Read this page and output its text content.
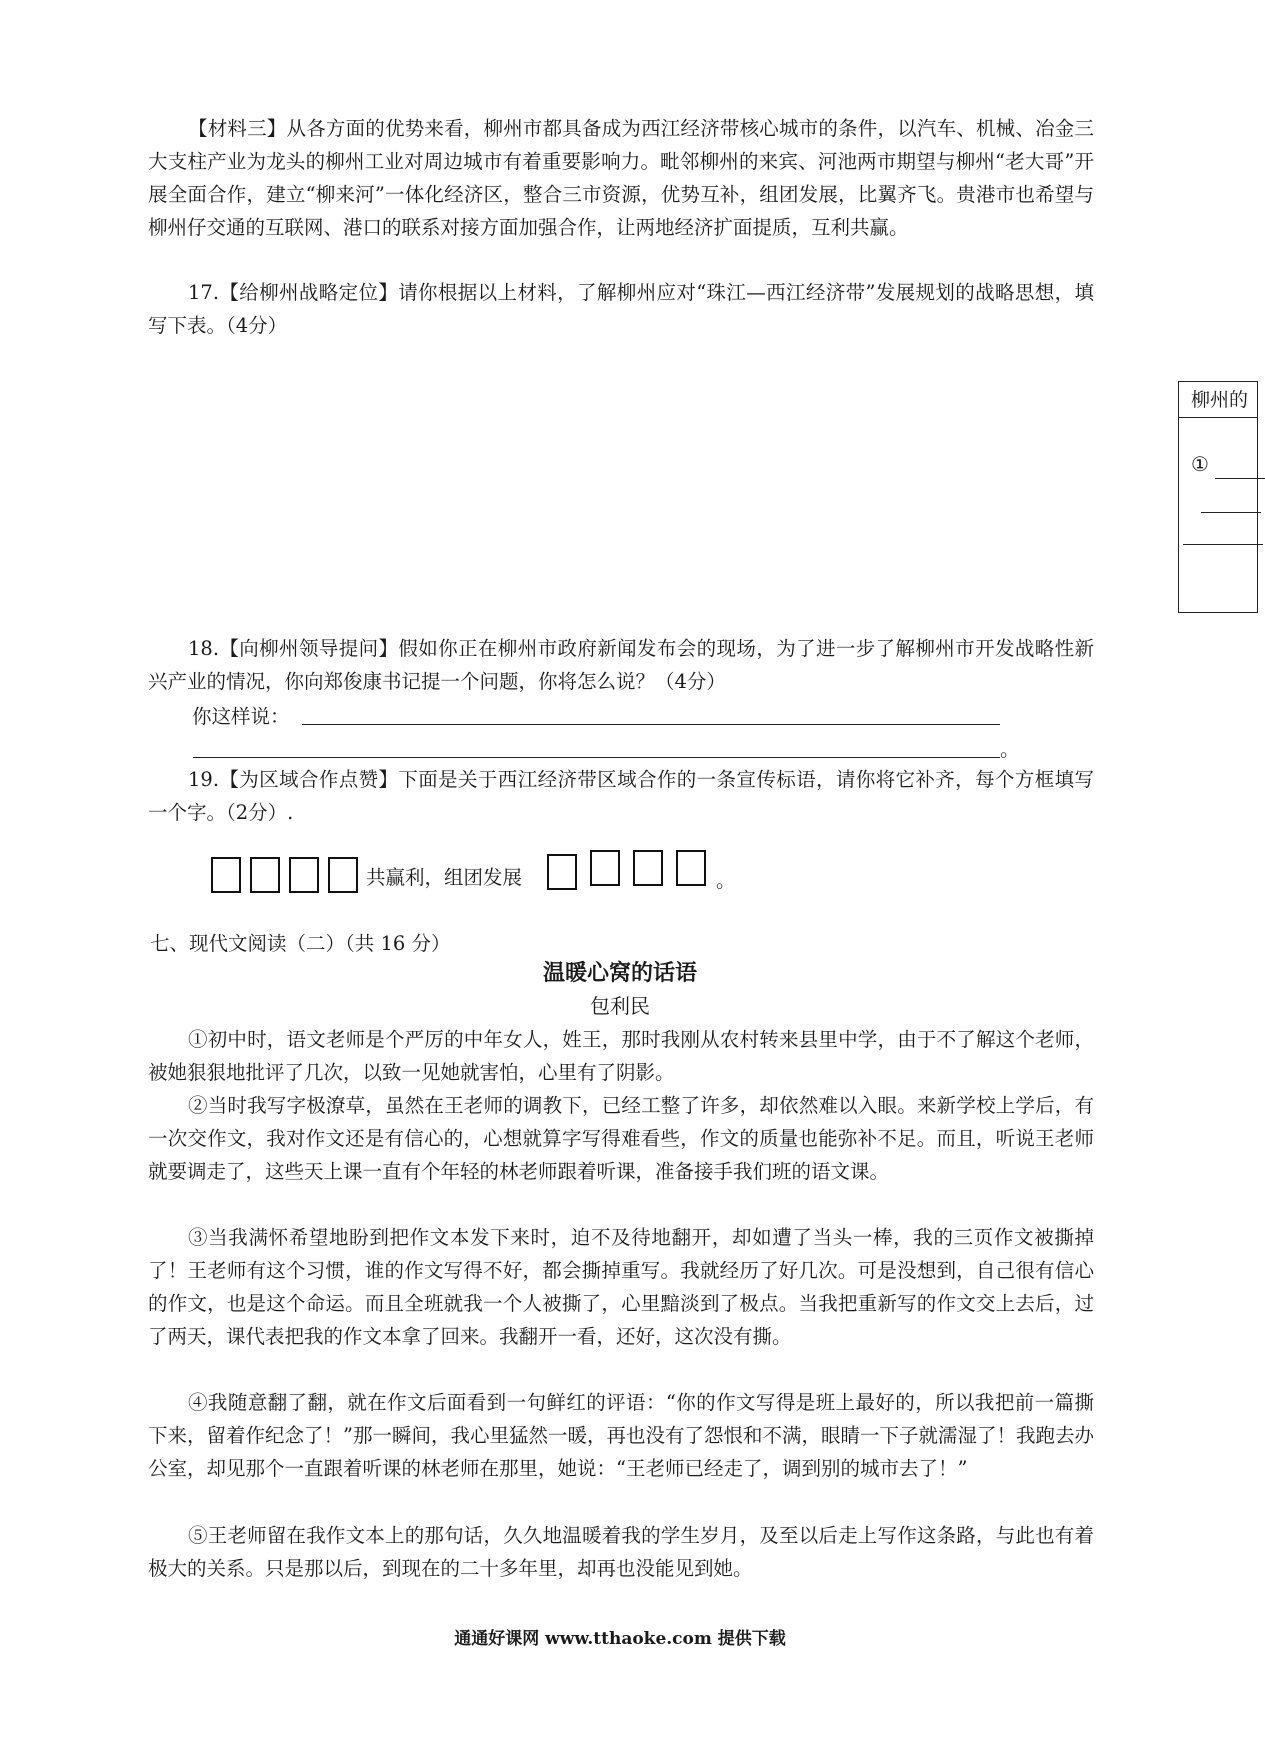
【材料三】从各方面的优势来看，柳州市都具备成为西江经济带核心城市的条件，以汽车、机械、冶金三大支柱产业为龙头的柳州工业对周边城市有着重要影响力。毗邻柳州的来宾、河池两市期望与柳州“老大哥”开展全面合作，建立“柳来河”一体化经济区，整合三市资源，优势互补，组团发展，比翼齐飞。贵港市也希望与柳州仔交通的互联网、港口的联系对接方面加强合作，让两地经济扩面提质，互利共赢。

17.【给柳州战略定位】请你根据以上材料，了解柳州应对“珠江—西江经济带”发展规划的战略思想，填写下表。（4分）

柳州的
①

18.【向柳州领导提问】假如你正在柳州市政府新闻发布会的现场，为了进一步了解柳州市开发战略性新兴产业的情况，你向郑俊康书记提一个问题，你将怎么说？（4分）

你这样说：
。

19.【为区域合作点赞】下面是关于西江经济带区域合作的一条宣传标语，请你将它补齐，每个方框填写一个字。（2分）.

共赢利，组团发展	。
七、现代文阅读（二）（共 16 分）
温暖心窝的话语
包利民

①初中时，语文老师是个严厉的中年女人，姓王，那时我刚从农村转来县里中学，由于不了解这个老师，被她狠狠地批评了几次，以致一见她就害怕，心里有了阴影。

②当时我写字极潦草，虽然在王老师的调教下，已经工整了许多，却依然难以入眼。来新学校上学后，有一次交作文，我对作文还是有信心的，心想就算字写得难看些，作文的质量也能弥补不足。而且，听说王老师就要调走了，这些天上课一直有个年轻的林老师跟着听课，准备接手我们班的语文课。

③当我满怀希望地盼到把作文本发下来时，迫不及待地翻开，却如遭了当头一棒，我的三页作文被撕掉了！王老师有这个习惯，谁的作文写得不好，都会撕掉重写。我就经历了好几次。可是没想到，自己很有信心的作文，也是这个命运。而且全班就我一个人被撕了，心里黯淡到了极点。当我把重新写的作文交上去后，过了两天，课代表把我的作文本拿了回来。我翻开一看，还好，这次没有撕。

④我随意翻了翻，就在作文后面看到一句鲜红的评语：“你的作文写得是班上最好的，所以我把前一篇撕下来，留着作纪念了！”那一瞬间，我心里猛然一暖，再也没有了怨恨和不满，眼睛一下子就濡湿了！我跑去办公室，却见那个一直跟着听课的林老师在那里，她说：“王老师已经走了，调到别的城市去了！”

⑤王老师留在我作文本上的那句话，久久地温暖着我的学生岁月，及至以后走上写作这条路，与此也有着极大的关系。只是那以后，到现在的二十多年里，却再也没能见到她。

通通好课网 www.tthaoke.com 提供下载
